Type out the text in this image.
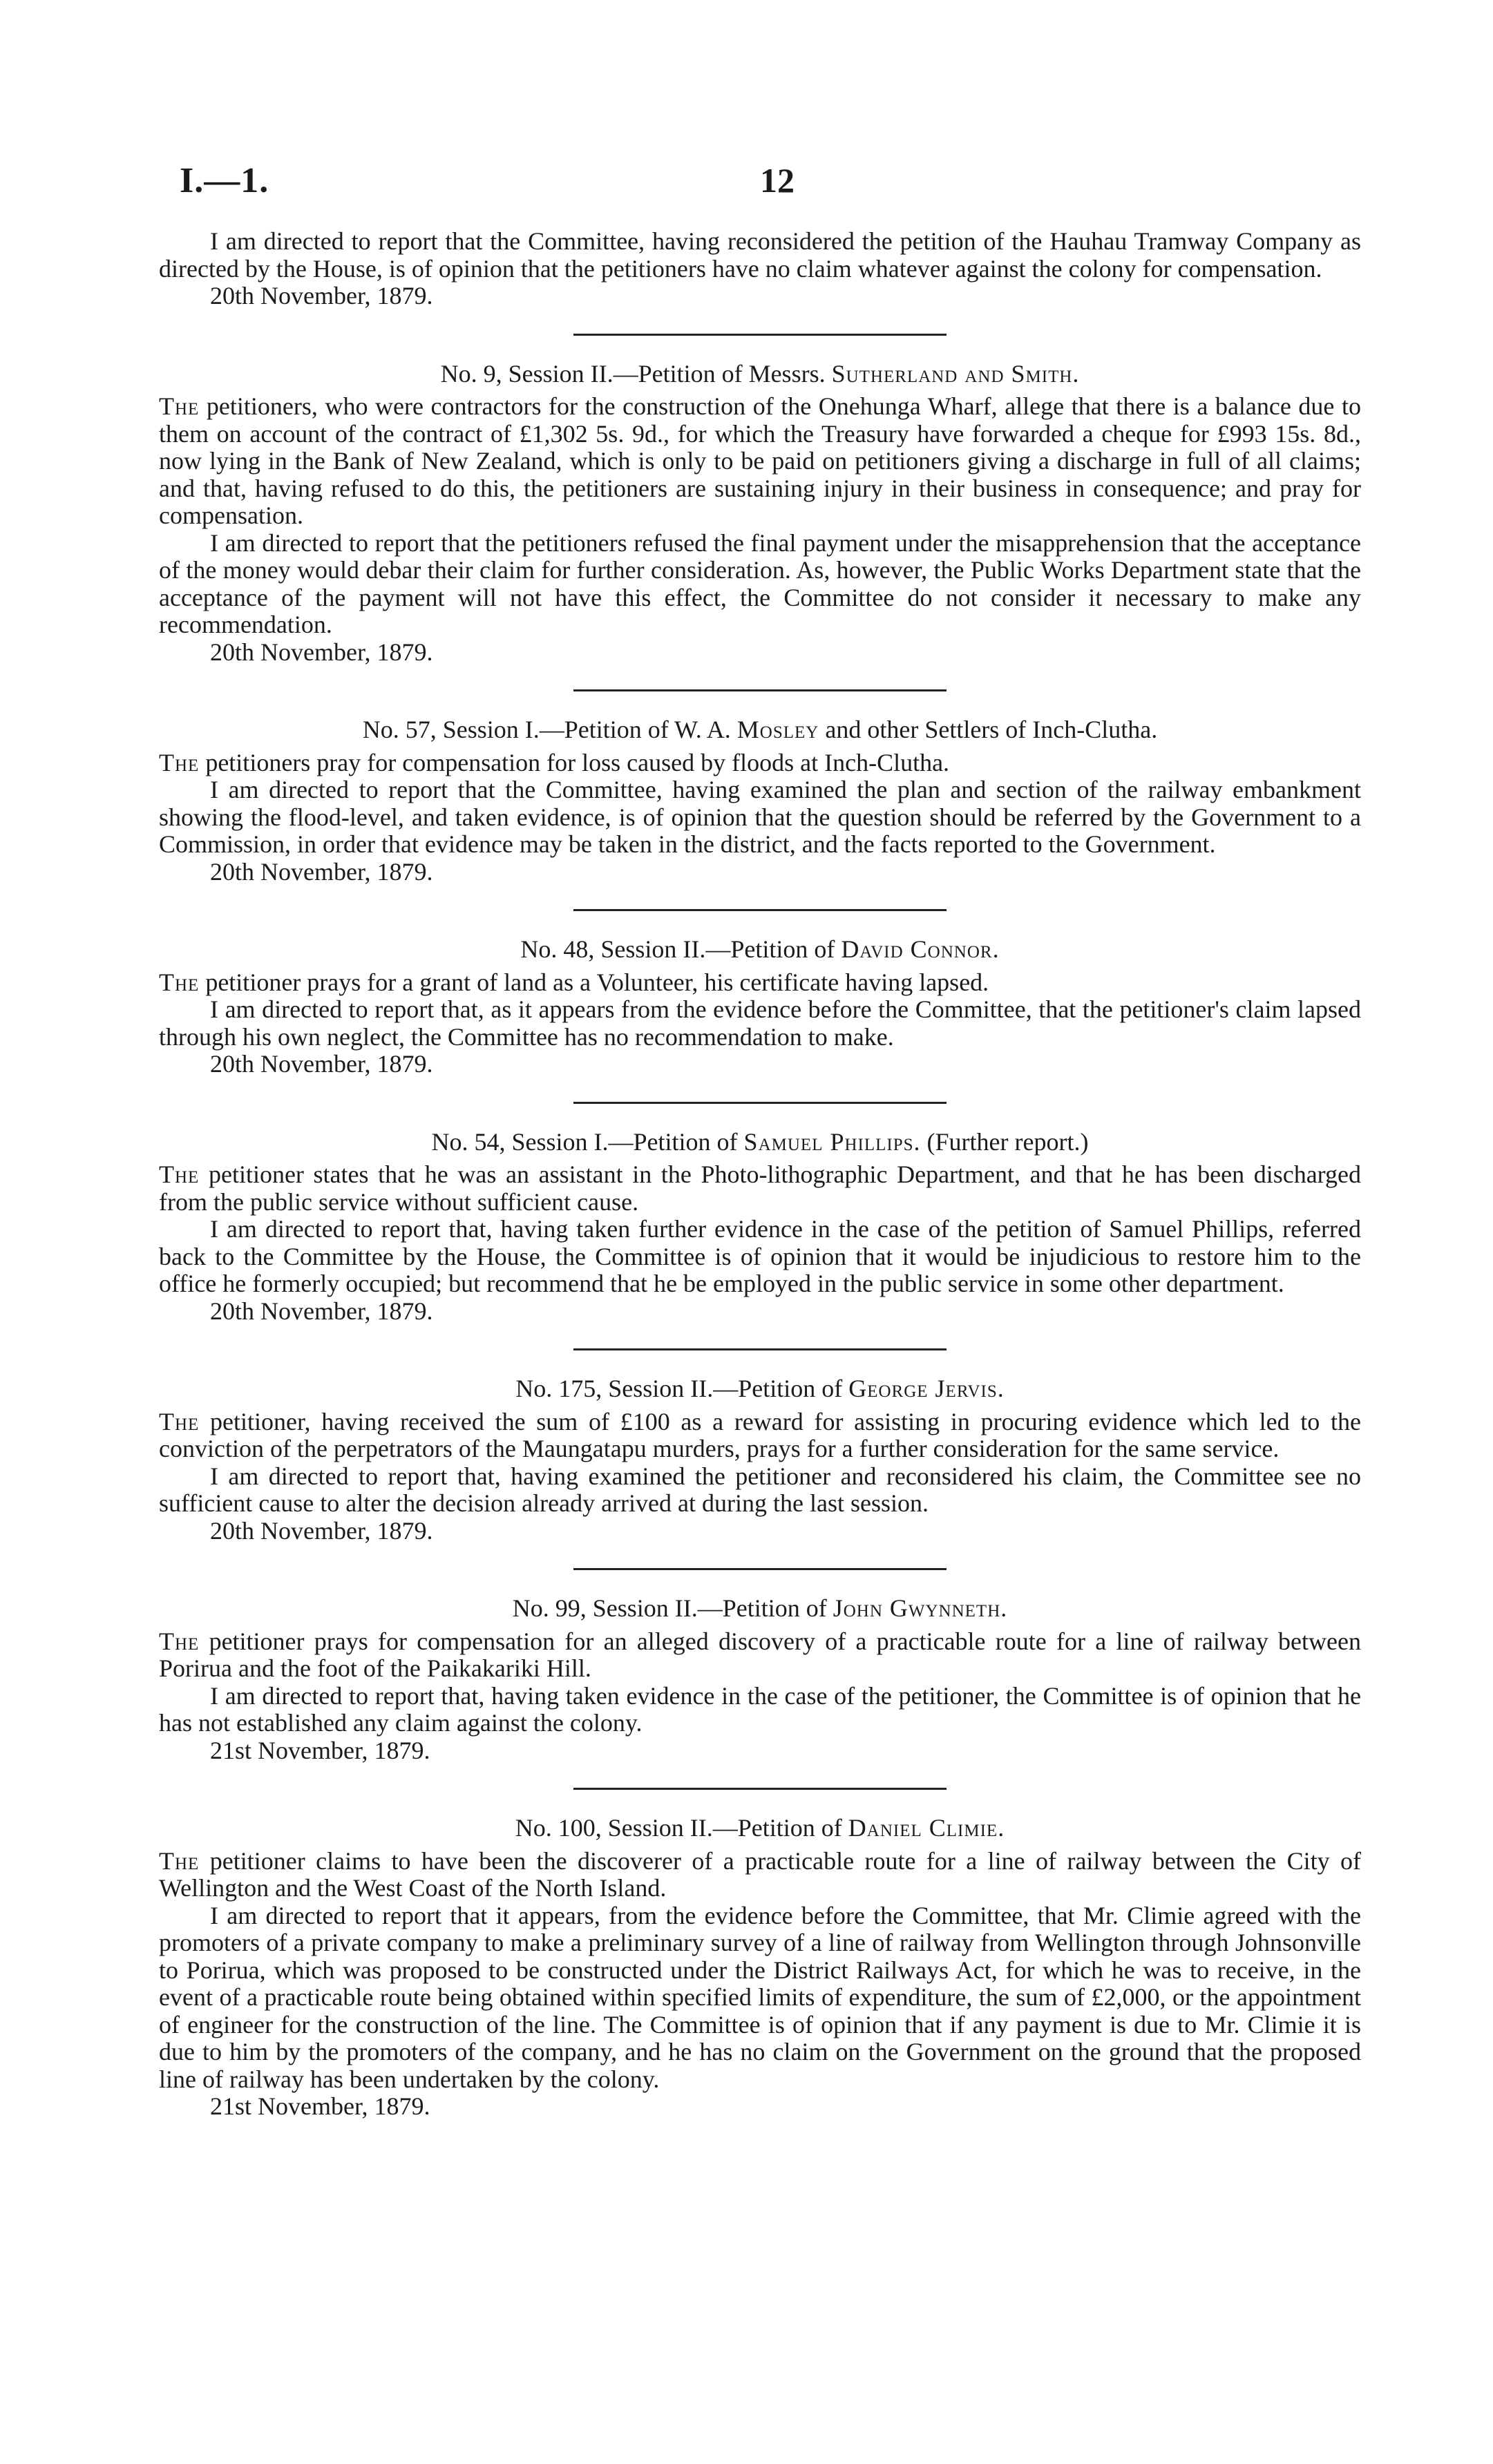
I.—1.	12

I am directed to report that the Committee, having reconsidered the petition of the Hauhau Tramway Company as directed by the House, is of opinion that the petitioners have no claim whatever against the colony for compensation.

20th November, 1879.

No. 9, Session II.—Petition of Messrs. Sutherland and Smith.

The petitioners, who were contractors for the construction of the Onehunga Wharf, allege that there is a balance due to them on account of the contract of £1,302 5s. 9d., for which the Treasury have forwarded a cheque for £993 15s. 8d., now lying in the Bank of New Zealand, which is only to be paid on petitioners giving a discharge in full of all claims; and that, having refused to do this, the petitioners are sustaining injury in their business in consequence; and pray for compensation.

I am directed to report that the petitioners refused the final payment under the misapprehension that the acceptance of the money would debar their claim for further consideration. As, however, the Public Works Department state that the acceptance of the payment will not have this effect, the Committee do not consider it necessary to make any recommendation.

20th November, 1879.

No. 57, Session I.—Petition of W. A. Mosley and other Settlers of Inch-Clutha.

The petitioners pray for compensation for loss caused by floods at Inch-Clutha.

I am directed to report that the Committee, having examined the plan and section of the railway embankment showing the flood-level, and taken evidence, is of opinion that the question should be referred by the Government to a Commission, in order that evidence may be taken in the district, and the facts reported to the Government.

20th November, 1879.

No. 48, Session II.—Petition of David Connor.

The petitioner prays for a grant of land as a Volunteer, his certificate having lapsed.

I am directed to report that, as it appears from the evidence before the Committee, that the petitioner's claim lapsed through his own neglect, the Committee has no recommendation to make.

20th November, 1879.

No. 54, Session I.—Petition of Samuel Phillips. (Further report.)

The petitioner states that he was an assistant in the Photo-lithographic Department, and that he has been discharged from the public service without sufficient cause.

I am directed to report that, having taken further evidence in the case of the petition of Samuel Phillips, referred back to the Committee by the House, the Committee is of opinion that it would be injudicious to restore him to the office he formerly occupied; but recommend that he be employed in the public service in some other department.

20th November, 1879.

No. 175, Session II.—Petition of George Jervis.

The petitioner, having received the sum of £100 as a reward for assisting in procuring evidence which led to the conviction of the perpetrators of the Maungatapu murders, prays for a further consideration for the same service.

I am directed to report that, having examined the petitioner and reconsidered his claim, the Committee see no sufficient cause to alter the decision already arrived at during the last session.

20th November, 1879.

No. 99, Session II.—Petition of John Gwynneth.

The petitioner prays for compensation for an alleged discovery of a practicable route for a line of railway between Porirua and the foot of the Paikakariki Hill.

I am directed to report that, having taken evidence in the case of the petitioner, the Committee is of opinion that he has not established any claim against the colony.

21st November, 1879.

No. 100, Session II.—Petition of Daniel Climie.

The petitioner claims to have been the discoverer of a practicable route for a line of railway between the City of Wellington and the West Coast of the North Island.

I am directed to report that it appears, from the evidence before the Committee, that Mr. Climie agreed with the promoters of a private company to make a preliminary survey of a line of railway from Wellington through Johnsonville to Porirua, which was proposed to be constructed under the District Railways Act, for which he was to receive, in the event of a practicable route being obtained within specified limits of expenditure, the sum of £2,000, or the appointment of engineer for the construction of the line. The Committee is of opinion that if any payment is due to Mr. Climie it is due to him by the promoters of the company, and he has no claim on the Government on the ground that the proposed line of railway has been undertaken by the colony.

21st November, 1879.
